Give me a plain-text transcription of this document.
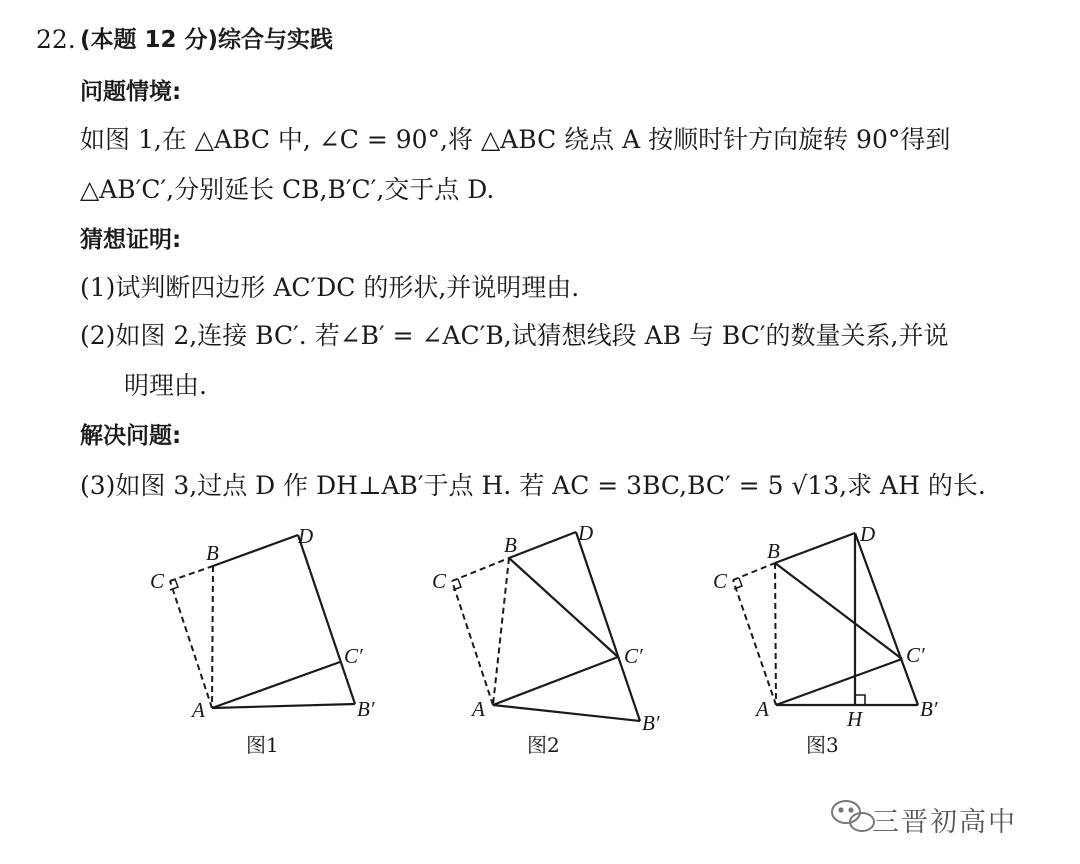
22. (本题 12 分)综合与实践
问题情境:
如图 1,在 △ABC 中, ∠C = 90°,将 △ABC 绕点 A 按顺时针方向旋转 90°得到
△AB′C′,分别延长 CB,B′C′,交于点 D.
猜想证明:
(1)试判断四边形 AC′DC 的形状,并说明理由.
(2)如图 2,连接 BC′. 若∠B′ = ∠AC′B,试猜想线段 AB 与 BC′的数量关系,并说
明理由.
解决问题:
(3)如图 3,过点 D 作 DH⊥AB′于点 H. 若 AC = 3BC,BC′ = 5 √13,求 AH 的长.
A
B
C
D
C′
B′
图1
A
B
C
D
C′
B′
图2
A
B
C
D
C′
B′
H
图3
三晋初高中
